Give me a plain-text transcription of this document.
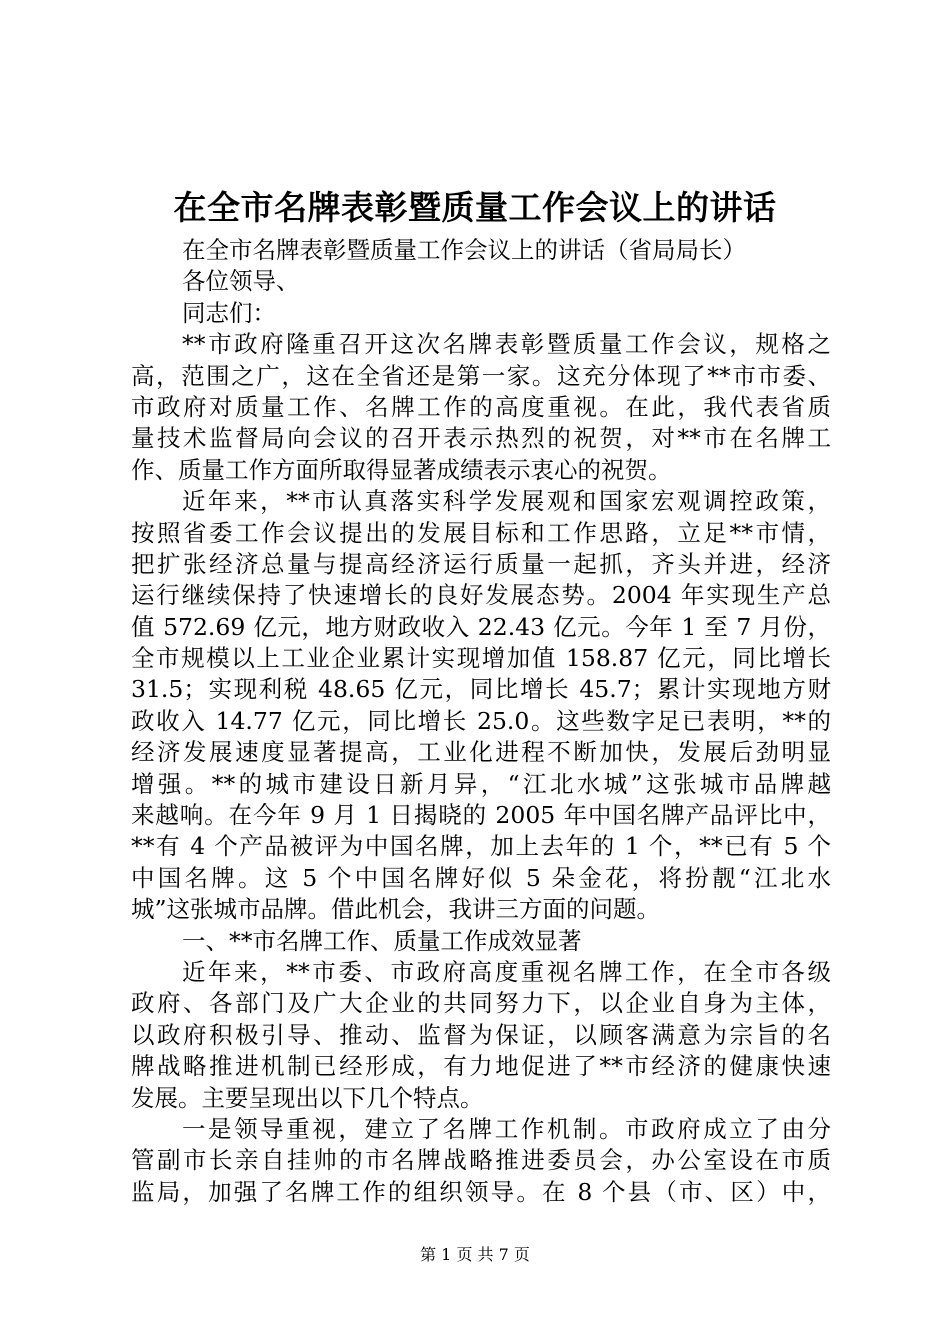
在全市名牌表彰暨质量工作会议上的讲话
在全市名牌表彰暨质量工作会议上的讲话（省局局长）
各位领导、
同志们：
**市政府隆重召开这次名牌表彰暨质量工作会议，规格之
高，范围之广，这在全省还是第一家。这充分体现了**市市委、
市政府对质量工作、名牌工作的高度重视。在此，我代表省质
量技术监督局向会议的召开表示热烈的祝贺，对**市在名牌工
作、质量工作方面所取得显著成绩表示衷心的祝贺。
近年来，**市认真落实科学发展观和国家宏观调控政策，
按照省委工作会议提出的发展目标和工作思路，立足**市情，
把扩张经济总量与提高经济运行质量一起抓，齐头并进，经济
运行继续保持了快速增长的良好发展态势。2004 年实现生产总
值 572.69 亿元，地方财政收入 22.43 亿元。今年 1 至 7 月份，
全市规模以上工业企业累计实现增加值 158.87 亿元，同比增长
31.5；实现利税 48.65 亿元，同比增长 45.7；累计实现地方财
政收入 14.77 亿元，同比增长 25.0。这些数字足已表明，**的
经济发展速度显著提高，工业化进程不断加快，发展后劲明显
增强。**的城市建设日新月异，“江北水城”这张城市品牌越
来越响。在今年 9 月 1 日揭晓的 2005 年中国名牌产品评比中，
**有 4 个产品被评为中国名牌，加上去年的 1 个，**已有 5 个
中国名牌。这 5 个中国名牌好似 5 朵金花，将扮靓“江北水
城”这张城市品牌。借此机会，我讲三方面的问题。
一、**市名牌工作、质量工作成效显著
近年来，**市委、市政府高度重视名牌工作，在全市各级
政府、各部门及广大企业的共同努力下，以企业自身为主体，
以政府积极引导、推动、监督为保证，以顾客满意为宗旨的名
牌战略推进机制已经形成，有力地促进了**市经济的健康快速
发展。主要呈现出以下几个特点。
一是领导重视，建立了名牌工作机制。市政府成立了由分
管副市长亲自挂帅的市名牌战略推进委员会，办公室设在市质
监局，加强了名牌工作的组织领导。在 8 个县（市、区）中，
第 1 页 共 7 页
